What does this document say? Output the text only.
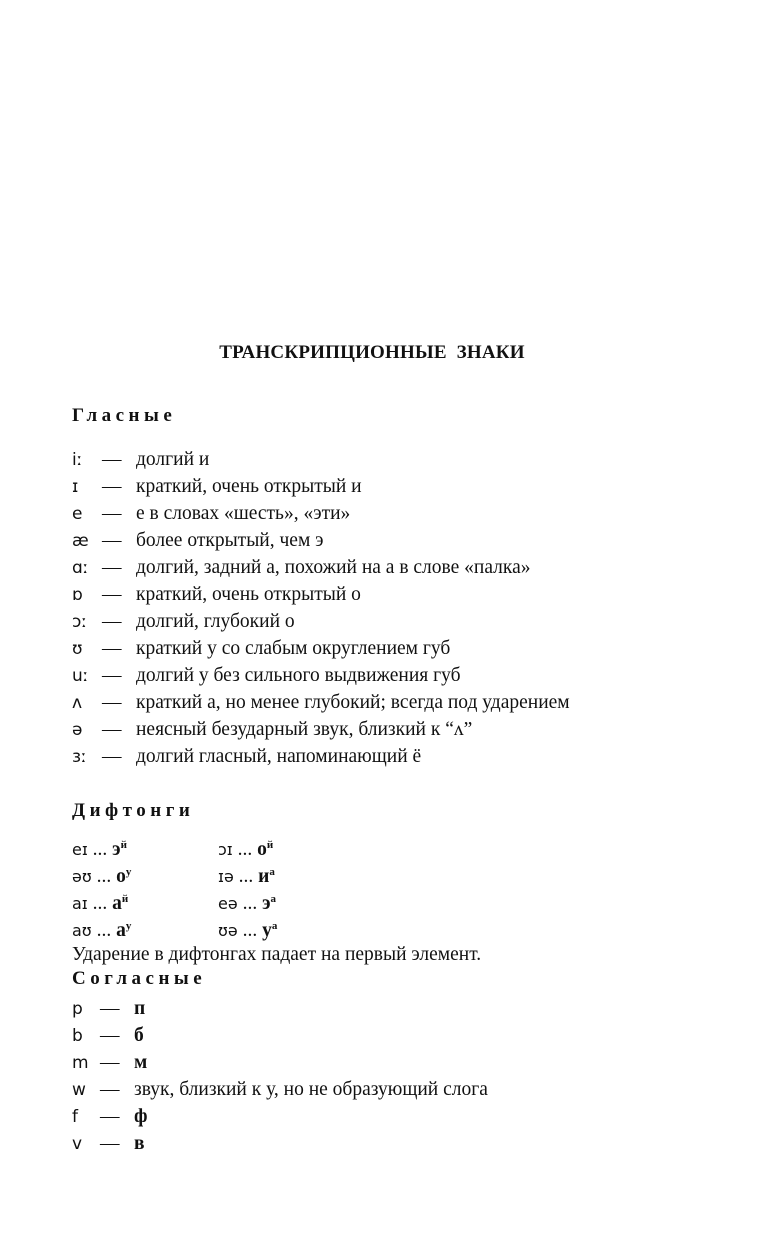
ТРАНСКРИПЦИОННЫЕ  ЗНАКИ
Гласные
iː — долгий и
ɪ — краткий, очень открытый и
e — е в словах «шесть», «эти»
æ — более открытый, чем э
ɑː — долгий, задний а, похожий на а в слове «палка»
ɒ — краткий, очень открытый о
ɔː — долгий, глубокий о
ʊ — краткий у со слабым округлением губ
uː — долгий у без сильного выдвижения губ
ʌ — краткий а, но менее глубокий; всегда под ударением
ə — неясный безударный звук, близкий к “ʌ”
ɜː — долгий гласный, напоминающий ё
Дифтонги
eɪ ... $э^й$	ɔɪ ... $о^й$
əʊ ... $о^у$	ɪə ... $и^а$
aɪ ... $а^й$	eə ... $э^а$
aʊ ... $а^у$	ʊə ... $у^а$
Ударение в дифтонгах падает на первый элемент.
Согласные
p — п
b — б
m — м
w — звук, близкий к у, но не образующий слога
f — ф
v — в
